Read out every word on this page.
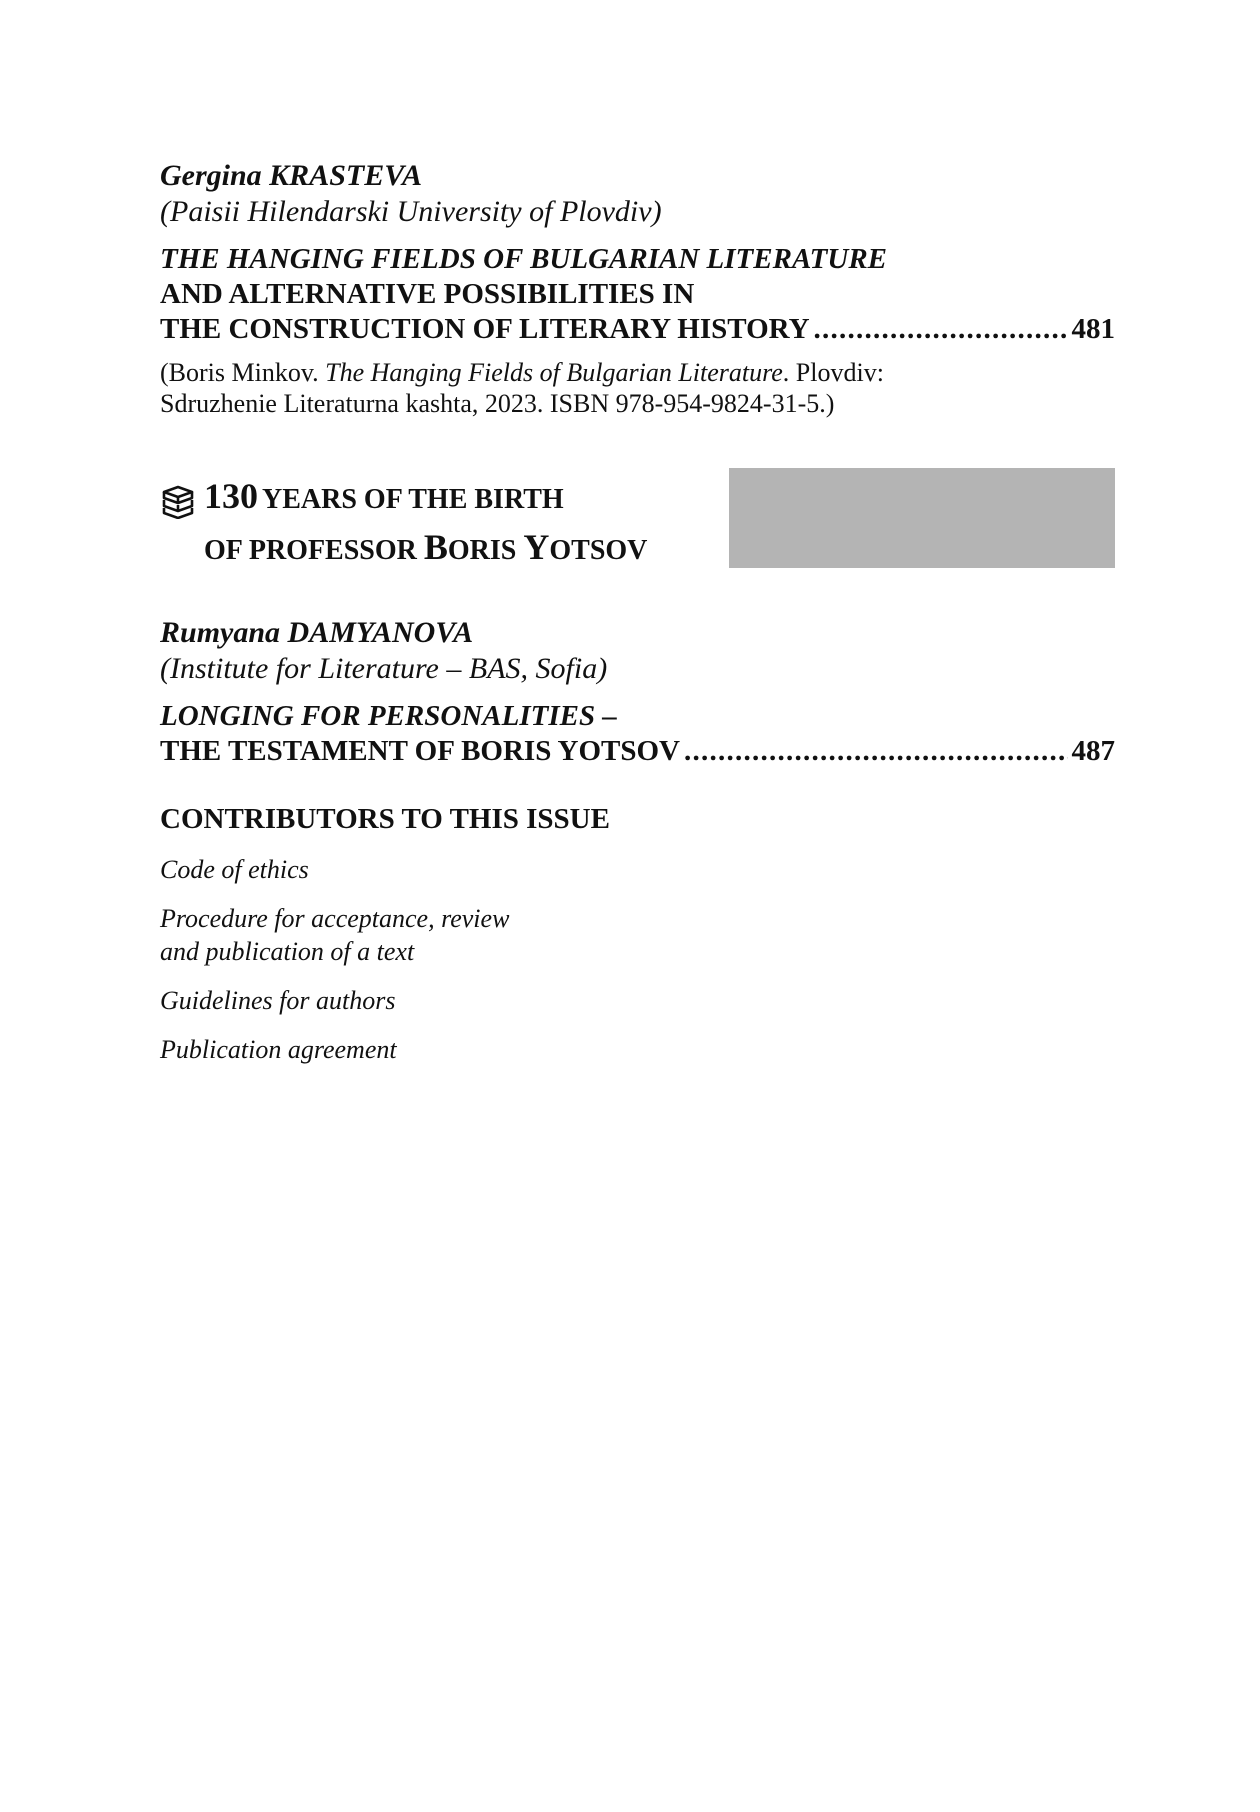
Gergina KRASTEVA
(Paisii Hilendarski University of Plovdiv)
THE HANGING FIELDS OF BULGARIAN LITERATURE
AND ALTERNATIVE POSSIBILITIES IN
THE CONSTRUCTION OF LITERARY HISTORY . . .	481
(Boris Minkov. The Hanging Fields of Bulgarian Literature. Plovdiv:
Sdruzhenie Literaturna kashta, 2023. ISBN 978-954-9824-31-5.)
130 YEARS OF THE BIRTH
OF PROFESSOR BORIS YOTSOV
Rumyana DAMYANOVA
(Institute for Literature – BAS, Sofia)
LONGING FOR PERSONALITIES –
THE TESTAMENT OF BORIS YOTSOV . . .	487
CONTRIBUTORS TO THIS ISSUE
Code of ethics
Procedure for acceptance, review
and publication of a text
Guidelines for authors
Publication agreement
